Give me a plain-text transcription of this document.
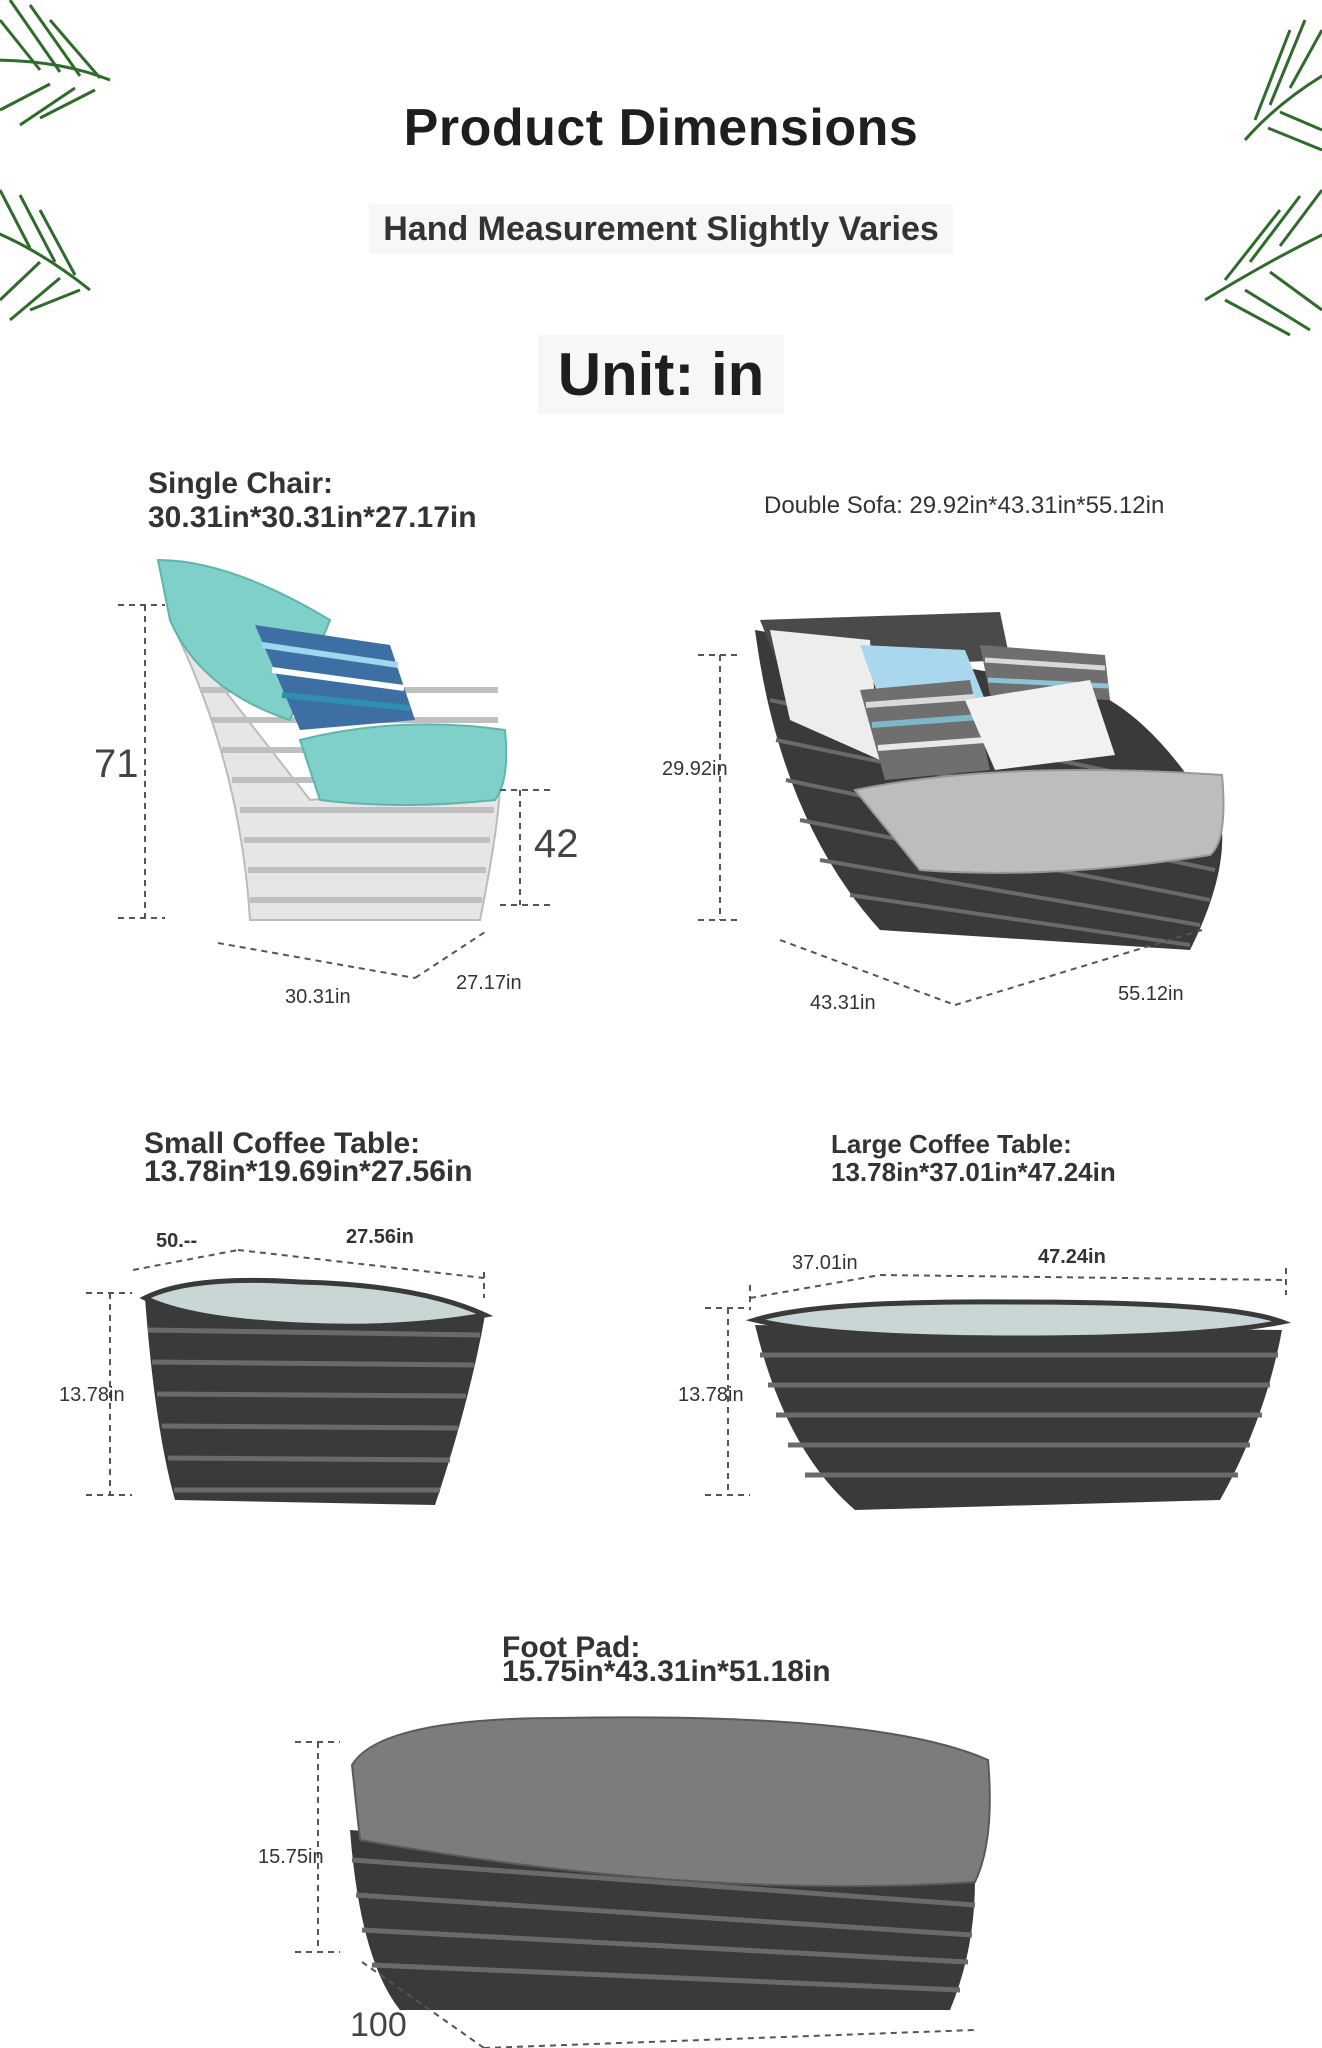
Product Dimensions
Hand Measurement Slightly Varies
Unit: in
Single Chair:
30.31in*30.31in*27.17in
71
42
30.31in
27.17in
Double Sofa: 29.92in*43.31in*55.12in
29.92in
43.31in	55.12in
Small Coffee Table:
13.78in*19.69in*27.56in
50.--	27.56in
13.78in
Large Coffee Table:
13.78in*37.01in*47.24in
37.01in	47.24in
13.78in
Foot Pad:
15.75in*43.31in*51.18in
15.75in
100
